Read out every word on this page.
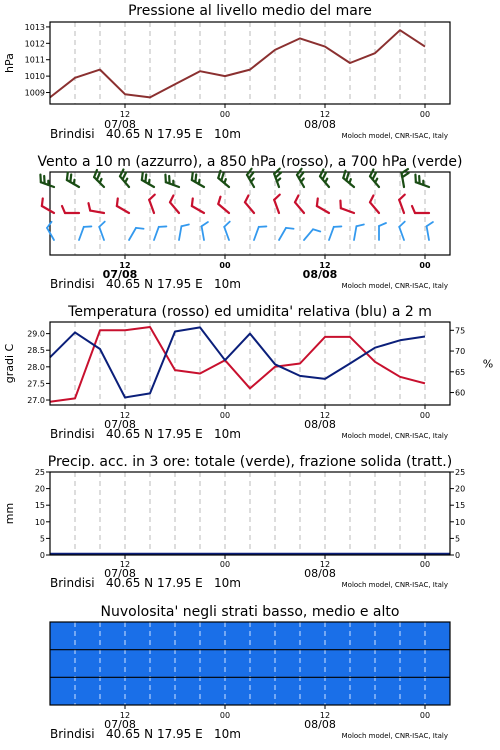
Pressione al livello medio del mare
1009
1010
1011
1012
1013
hPa
12	00	12	00
07/08	08/08
Brindisi 40.65 N 17.95 E 10m	Moloch model, CNR-ISAC, Italy
Vento a 10 m (azzurro), a 850 hPa (rosso), a 700 hPa (verde)
12	00	12	00
07/08	08/08
Brindisi 40.65 N 17.95 E 10m	Moloch model, CNR-ISAC, Italy
Temperatura (rosso) ed umidita' relativa (blu) a 2 m
27.0
27.5
28.0
28.5
29.0
60
65
70
75
gradi C	%
12	00	12	00
07/08	08/08
Brindisi 40.65 N 17.95 E 10m	Moloch model, CNR-ISAC, Italy
Precip. acc. in 3 ore: totale (verde), frazione solida (tratt.)
0
5
10
15
20
25
0
5
10
15
20
25
mm
12	00	12	00
07/08	08/08
Brindisi 40.65 N 17.95 E 10m	Moloch model, CNR-ISAC, Italy
Nuvolosita' negli strati basso, medio e alto
12	00	12	00
07/08	08/08
Brindisi 40.65 N 17.95 E 10m	Moloch model, CNR-ISAC, Italy
